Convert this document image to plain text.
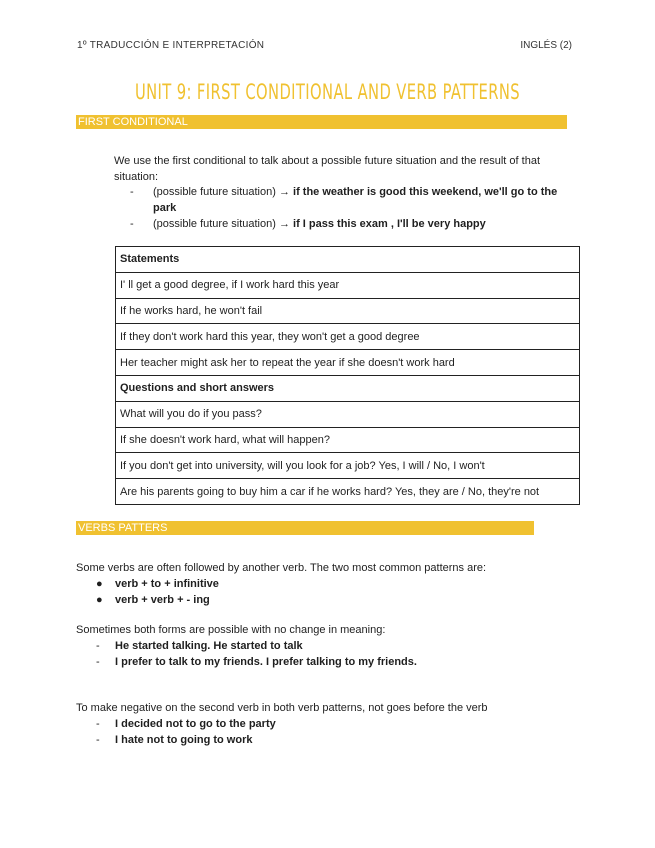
1º TRADUCCIÓN E INTERPRETACIÓN	INGLÉS (2)
UNIT 9: FIRST CONDITIONAL AND VERB PATTERNS
FIRST CONDITIONAL
We use the first conditional to talk about a possible future situation and the result of that situation:
-	(possible future situation) → if the weather is good this weekend, we'll go to the park
-	(possible future situation) → if I pass this exam , I'll be very happy
Statements
I' ll get a good degree, if I work hard this year
If he works hard, he won't fail
If they don't work hard this year, they won't get a good degree
Her teacher might ask her to repeat the year if she doesn't work hard
Questions and short answers
What will you do if you pass?
If she doesn't work hard, what will happen?
If you don't get into university, will you look for a job? Yes, I will / No, I won't
Are his parents going to buy him a car if he works hard? Yes, they are / No, they're not
VERBS PATTERS
Some verbs are often followed by another verb. The two most common patterns are:
●	verb + to + infinitive
●	verb + verb + - ing
Sometimes both forms are possible with no change in meaning:
-	He started talking. He started to talk
-	I prefer to talk to my friends. I prefer talking to my friends.
To make negative on the second verb in both verb patterns, not goes before the verb
-	I decided not to go to the party
-	I hate not to going to work
